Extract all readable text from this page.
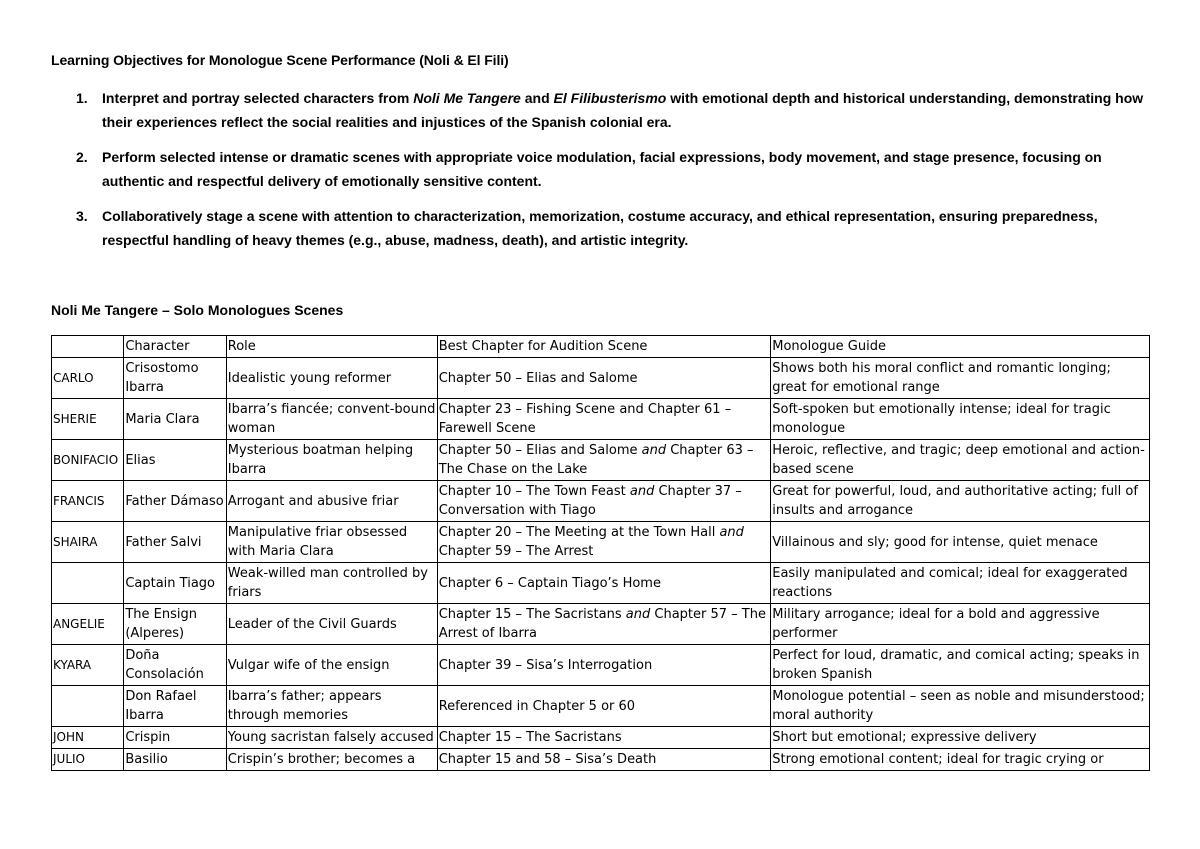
Learning Objectives for Monologue Scene Performance (Noli & El Fili)
1. Interpret and portray selected characters from Noli Me Tangere and El Filibusterismo with emotional depth and historical understanding, demonstrating how their experiences reflect the social realities and injustices of the Spanish colonial era.
2. Perform selected intense or dramatic scenes with appropriate voice modulation, facial expressions, body movement, and stage presence, focusing on authentic and respectful delivery of emotionally sensitive content.
3. Collaboratively stage a scene with attention to characterization, memorization, costume accuracy, and ethical representation, ensuring preparedness, respectful handling of heavy themes (e.g., abuse, madness, death), and artistic integrity.
Noli Me Tangere – Solo Monologues Scenes
	Character	Role	Best Chapter for Audition Scene	Monologue Guide
CARLO	Crisostomo Ibarra	Idealistic young reformer	Chapter 50 – Elias and Salome	Shows both his moral conflict and romantic longing; great for emotional range
SHERIE	Maria Clara	Ibarra’s fiancée; convent-bound woman	Chapter 23 – Fishing Scene and Chapter 61 – Farewell Scene	Soft-spoken but emotionally intense; ideal for tragic monologue
BONIFACIO	Elias	Mysterious boatman helping Ibarra	Chapter 50 – Elias and Salome and Chapter 63 – The Chase on the Lake	Heroic, reflective, and tragic; deep emotional and action-based scene
FRANCIS	Father Dámaso	Arrogant and abusive friar	Chapter 10 – The Town Feast and Chapter 37 – Conversation with Tiago	Great for powerful, loud, and authoritative acting; full of insults and arrogance
SHAIRA	Father Salvi	Manipulative friar obsessed with Maria Clara	Chapter 20 – The Meeting at the Town Hall and Chapter 59 – The Arrest	Villainous and sly; good for intense, quiet menace
	Captain Tiago	Weak-willed man controlled by friars	Chapter 6 – Captain Tiago’s Home	Easily manipulated and comical; ideal for exaggerated reactions
ANGELIE	The Ensign (Alperes)	Leader of the Civil Guards	Chapter 15 – The Sacristans and Chapter 57 – The Arrest of Ibarra	Military arrogance; ideal for a bold and aggressive performer
KYARA	Doña Consolación	Vulgar wife of the ensign	Chapter 39 – Sisa’s Interrogation	Perfect for loud, dramatic, and comical acting; speaks in broken Spanish
	Don Rafael Ibarra	Ibarra’s father; appears through memories	Referenced in Chapter 5 or 60	Monologue potential – seen as noble and misunderstood; moral authority
JOHN	Crispin	Young sacristan falsely accused	Chapter 15 – The Sacristans	Short but emotional; expressive delivery
JULIO	Basilio	Crispin’s brother; becomes a	Chapter 15 and 58 – Sisa’s Death	Strong emotional content; ideal for tragic crying or
